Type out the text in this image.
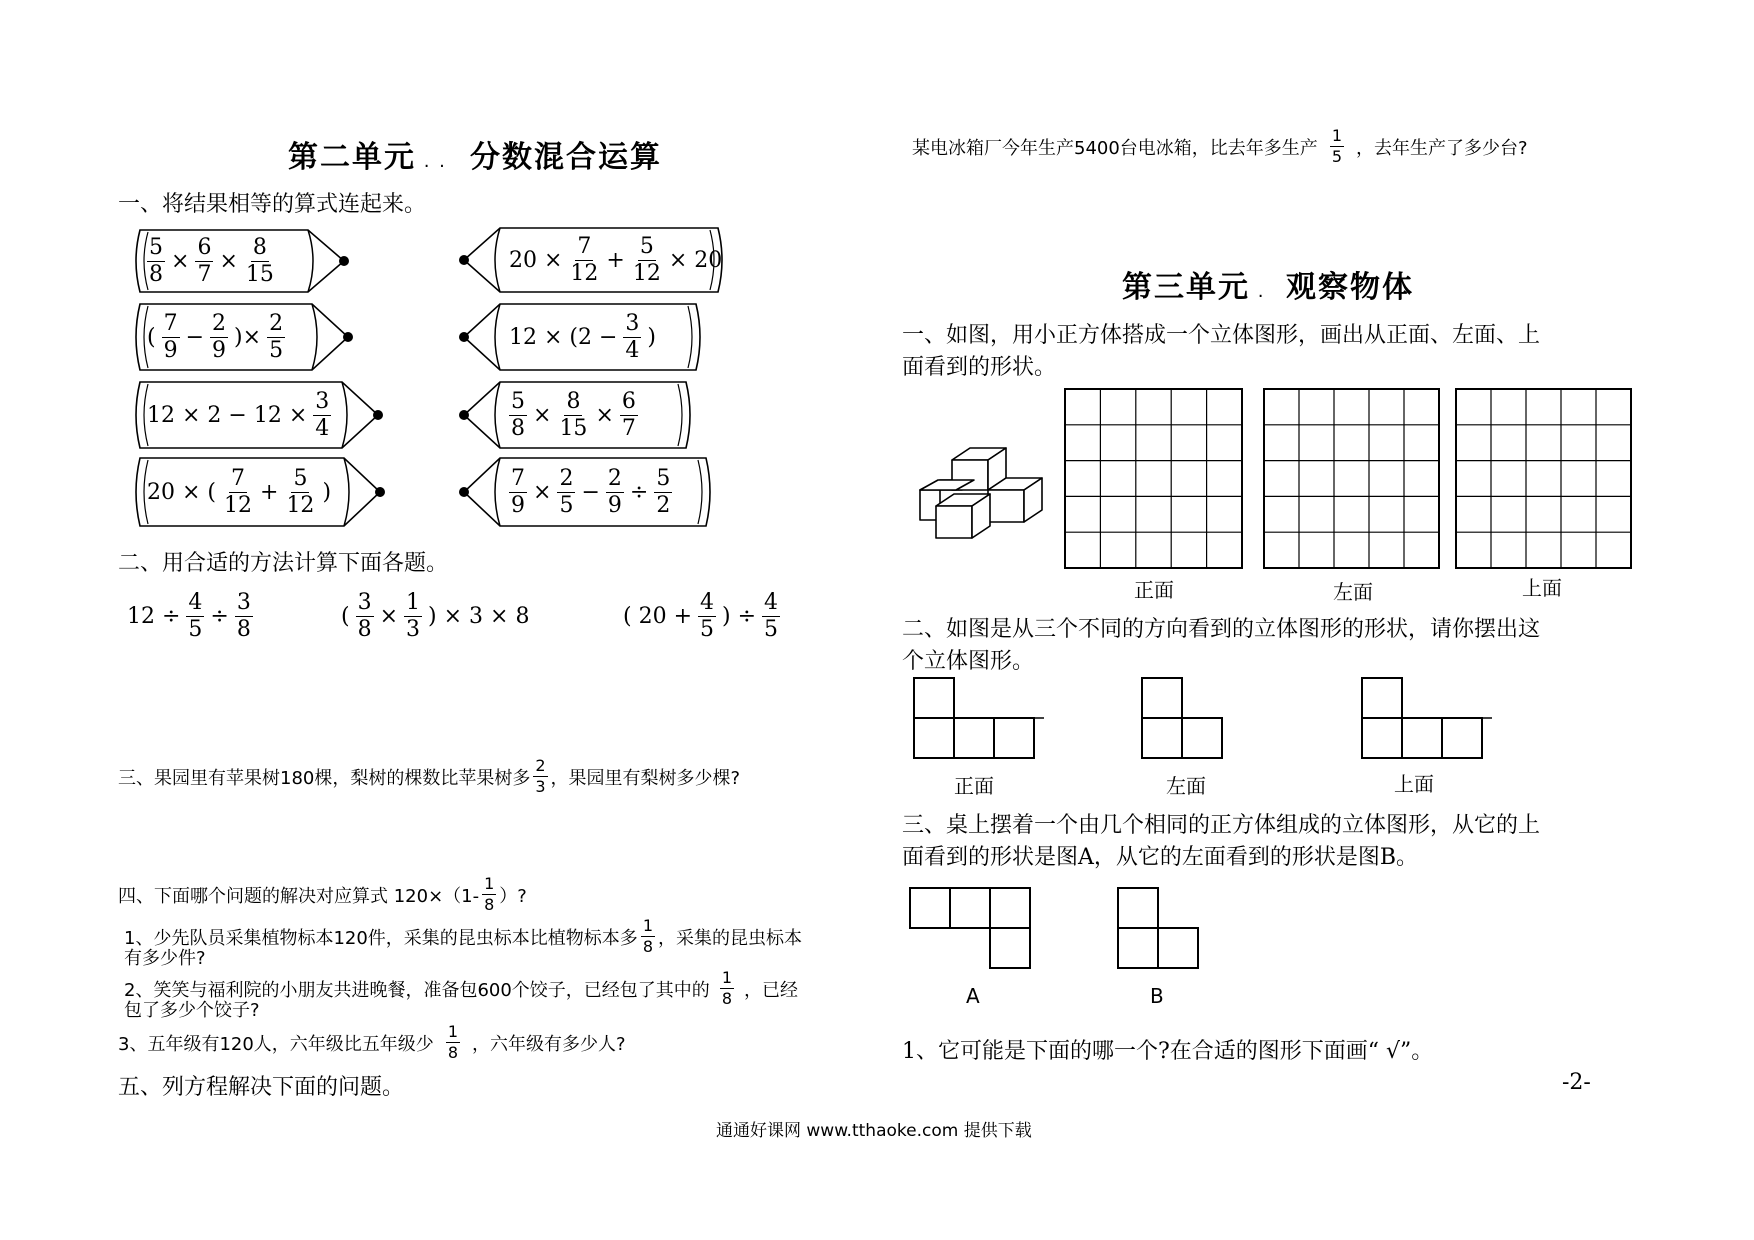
第二单元 . . 分数混合运算
一、将结果相等的算式连起来。
$\frac{5}{8} \times \frac{6}{7} \times \frac{8}{15}$
( $\frac{7}{9} - \frac{2}{9}$ )× $\frac{2}{5}$
$12 \times 2 - 12 \times \frac{3}{4}$
20 × ( $\frac{7}{12} + \frac{5}{12}$ )
$20 \times \frac{7}{12} + \frac{5}{12} \times 20$
$12 \times (2 - \frac{3}{4}$ )
$\frac{5}{8} \times \frac{8}{15} \times \frac{6}{7}$
$\frac{7}{9} \times \frac{2}{5} - \frac{2}{9} \div \frac{5}{2}$
二、用合适的方法计算下面各题。
$12 \div \frac{4}{5} \div \frac{3}{8}$	( $\frac{3}{8} \times \frac{1}{3}$ ) × 3 × 8	( $20 + \frac{4}{5}$ ) ÷ $\frac{4}{5}$
三、果园里有苹果树180棵，梨树的棵数比苹果树多 $\frac{2}{3}$ ，果园里有梨树多少棵?
四、下面哪个问题的解决对应算式 $120\times(1- \frac{1}{8}$ ）?
1、少先队员采集植物标本120件，采集的昆虫标本比植物标本多 $\frac{1}{8}$ ，采集的昆虫标本
有多少件?
2、笑笑与福利院的小朋友共进晚餐，准备包600个饺子，已经包了其中的 $\frac{1}{8}$ ，已经
包了多少个饺子?
3、五年级有120人，六年级比五年级少 $\frac{1}{8}$ ，六年级有多少人?
五、列方程解决下面的问题。
某电冰箱厂今年生产5400台电冰箱，比去年多生产 $\frac{1}{5}$ ，去年生产了多少台?
第三单元 . 观察物体
一、如图，用小正方体搭成一个立体图形，画出从正面、左面、上
面看到的形状。
正面	左面	上面
二、如图是从三个不同的方向看到的立体图形的形状，请你摆出这
个立体图形。
正面	左面	上面
三、桌上摆着一个由几个相同的正方体组成的立体图形，从它的上
面看到的形状是图A，从它的左面看到的形状是图B。
A	B
1、它可能是下面的哪一个?在合适的图形下面画“ √”。
-2-
通通好课网 www.tthaoke.com 提供下载
